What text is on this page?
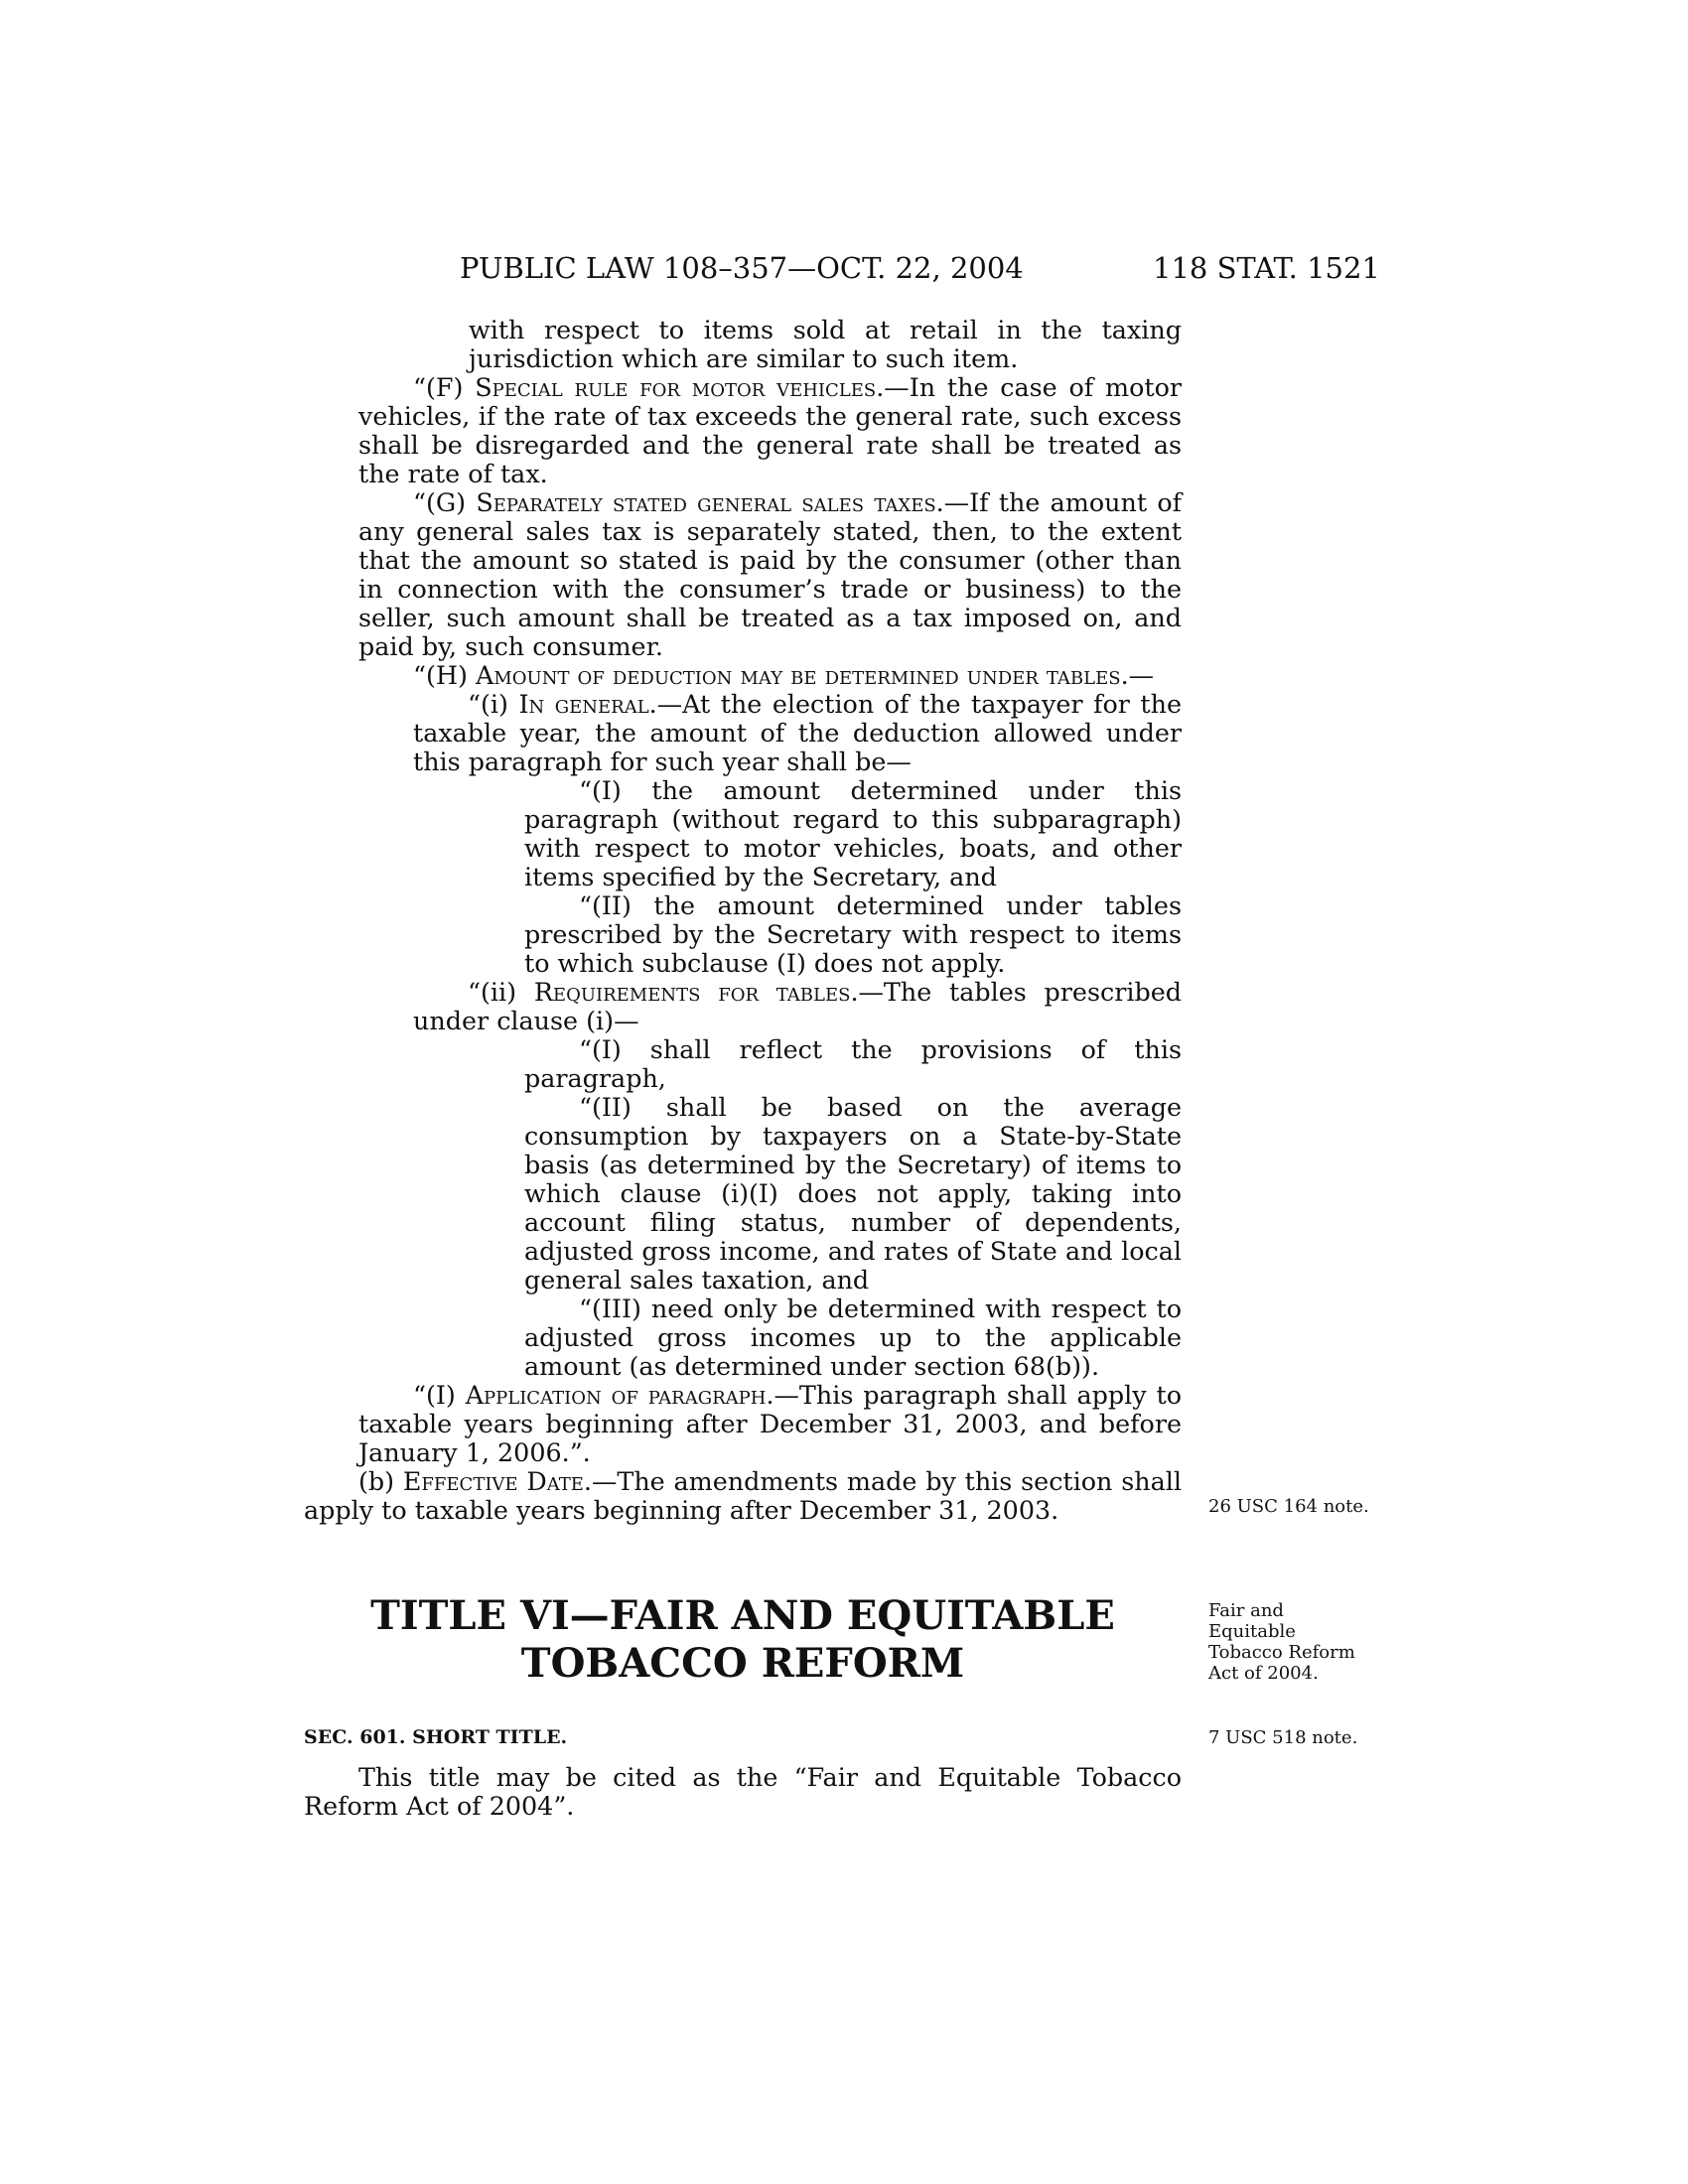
PUBLIC LAW 108–357—OCT. 22, 2004	118 STAT. 1521

with respect to items sold at retail in the taxing jurisdiction which are similar to such item.

“(F) Special rule for motor vehicles.—In the case of motor vehicles, if the rate of tax exceeds the general rate, such excess shall be disregarded and the general rate shall be treated as the rate of tax.

“(G) Separately stated general sales taxes.—If the amount of any general sales tax is separately stated, then, to the extent that the amount so stated is paid by the consumer (other than in connection with the consumer’s trade or business) to the seller, such amount shall be treated as a tax imposed on, and paid by, such consumer.

“(H) Amount of deduction may be determined under tables.—

“(i) In general.—At the election of the taxpayer for the taxable year, the amount of the deduction allowed under this paragraph for such year shall be—

“(I) the amount determined under this paragraph (without regard to this subparagraph) with respect to motor vehicles, boats, and other items specified by the Secretary, and

“(II) the amount determined under tables prescribed by the Secretary with respect to items to which subclause (I) does not apply.

“(ii) Requirements for tables.—The tables prescribed under clause (i)—

“(I) shall reflect the provisions of this paragraph,

“(II) shall be based on the average consumption by taxpayers on a State-by-State basis (as determined by the Secretary) of items to which clause (i)(I) does not apply, taking into account filing status, number of dependents, adjusted gross income, and rates of State and local general sales taxation, and

“(III) need only be determined with respect to adjusted gross incomes up to the applicable amount (as determined under section 68(b)).

“(I) Application of paragraph.—This paragraph shall apply to taxable years beginning after December 31, 2003, and before January 1, 2006.”.

(b) Effective Date.—The amendments made by this section shall apply to taxable years beginning after December 31, 2003.

TITLE VI—FAIR AND EQUITABLE
TOBACCO REFORM
SEC. 601. SHORT TITLE.

This title may be cited as the “Fair and Equitable Tobacco Reform Act of 2004”.

26 USC 164 note.
Fair and
Equitable
Tobacco Reform
Act of 2004.
7 USC 518 note.
